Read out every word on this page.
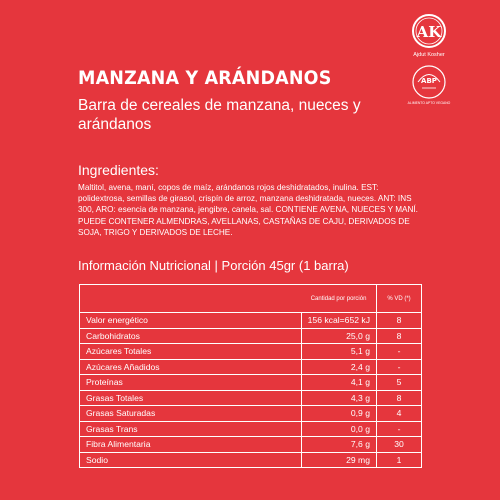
AK
Ajdut Kosher
ABP
ALIMENTO APTO VEGANO
MANZANA Y ARÁNDANOS
Barra de cereales de manzana, nueces y arándanos
Ingredientes:
Maltitol, avena, maní, copos de maíz, arándanos rojos deshidratados, inulina. EST: polidextrosa, semillas de girasol, crispín de arroz, manzana deshidratada, nueces. ANT: INS 300, ARO: esencia de manzana, jengibre, canela, sal. CONTIENE AVENA, NUECES Y MANÍ. PUEDE CONTENER ALMENDRAS, AVELLANAS, CASTAÑAS DE CAJU, DERIVADOS DE SOJA, TRIGO Y DERIVADOS DE LECHE.
Información Nutricional | Porción 45gr (1 barra)
	Cantidad por porción	% VD (*)
Valor energético	156 kcal=652 kJ	8
Carbohidratos	25,0 g	8
Azúcares Totales	5,1 g	-
Azúcares Añadidos	2,4 g	-
Proteínas	4,1 g	5
Grasas Totales	4,3 g	8
Grasas Saturadas	0,9 g	4
Grasas Trans	0,0 g	-
Fibra Alimentaria	7,6 g	30
Sodio	29 mg	1
